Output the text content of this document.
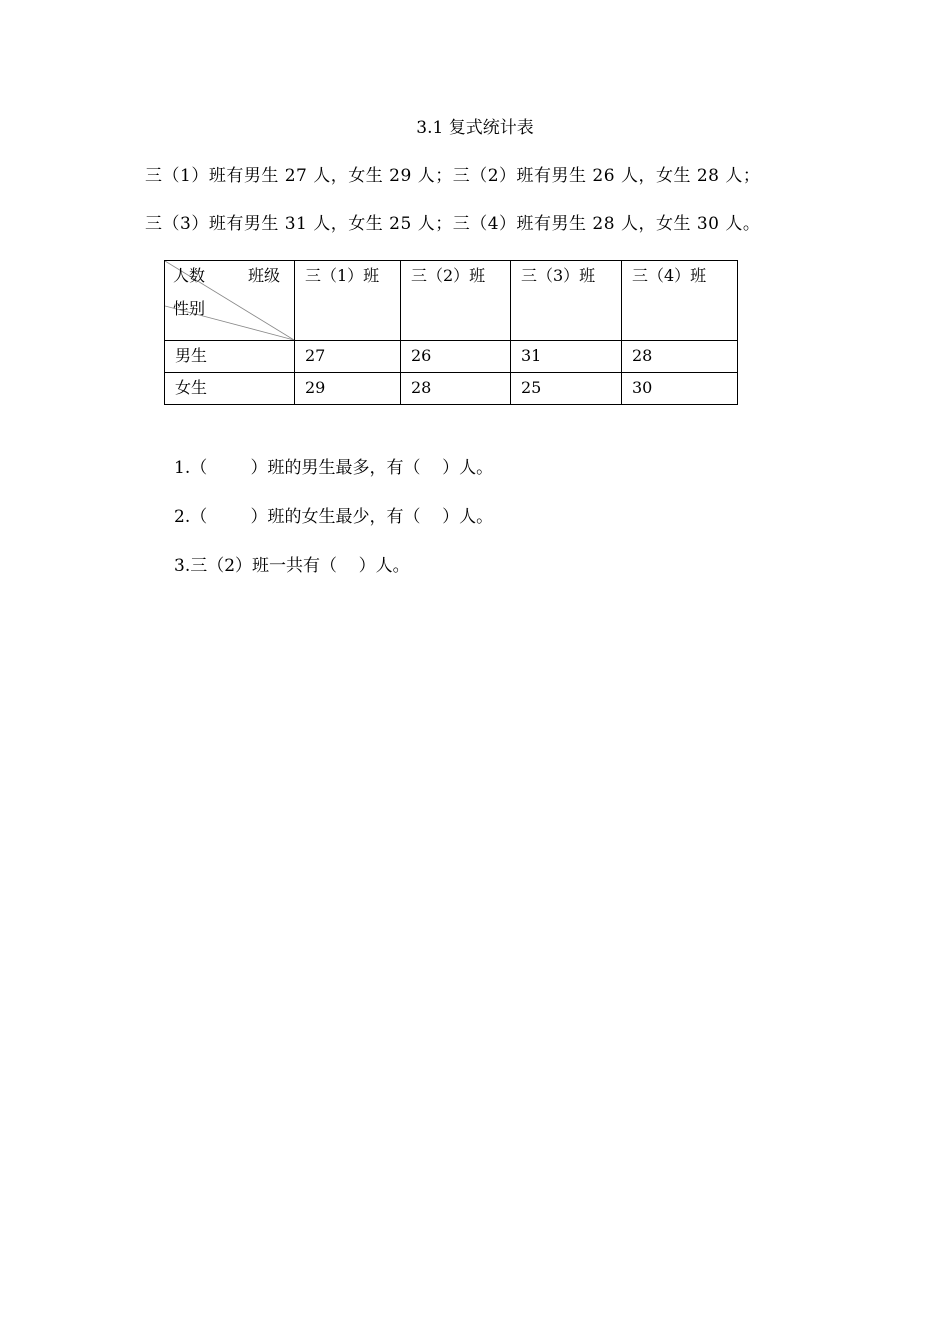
3.1 复式统计表
三（1）班有男生 27 人，女生 29 人；三（2）班有男生 26 人，女生 28 人；
三（3）班有男生 31 人，女生 25 人；三（4）班有男生 28 人，女生 30 人。
人数 班级
性别	三（1）班	三（2）班	三（3）班	三（4）班

男生	27	26	31	28

女生	29	28	25	30
1.（        ）班的男生最多，有（    ）人。
2.（        ）班的女生最少，有（    ）人。
3.三（2）班一共有（    ）人。
